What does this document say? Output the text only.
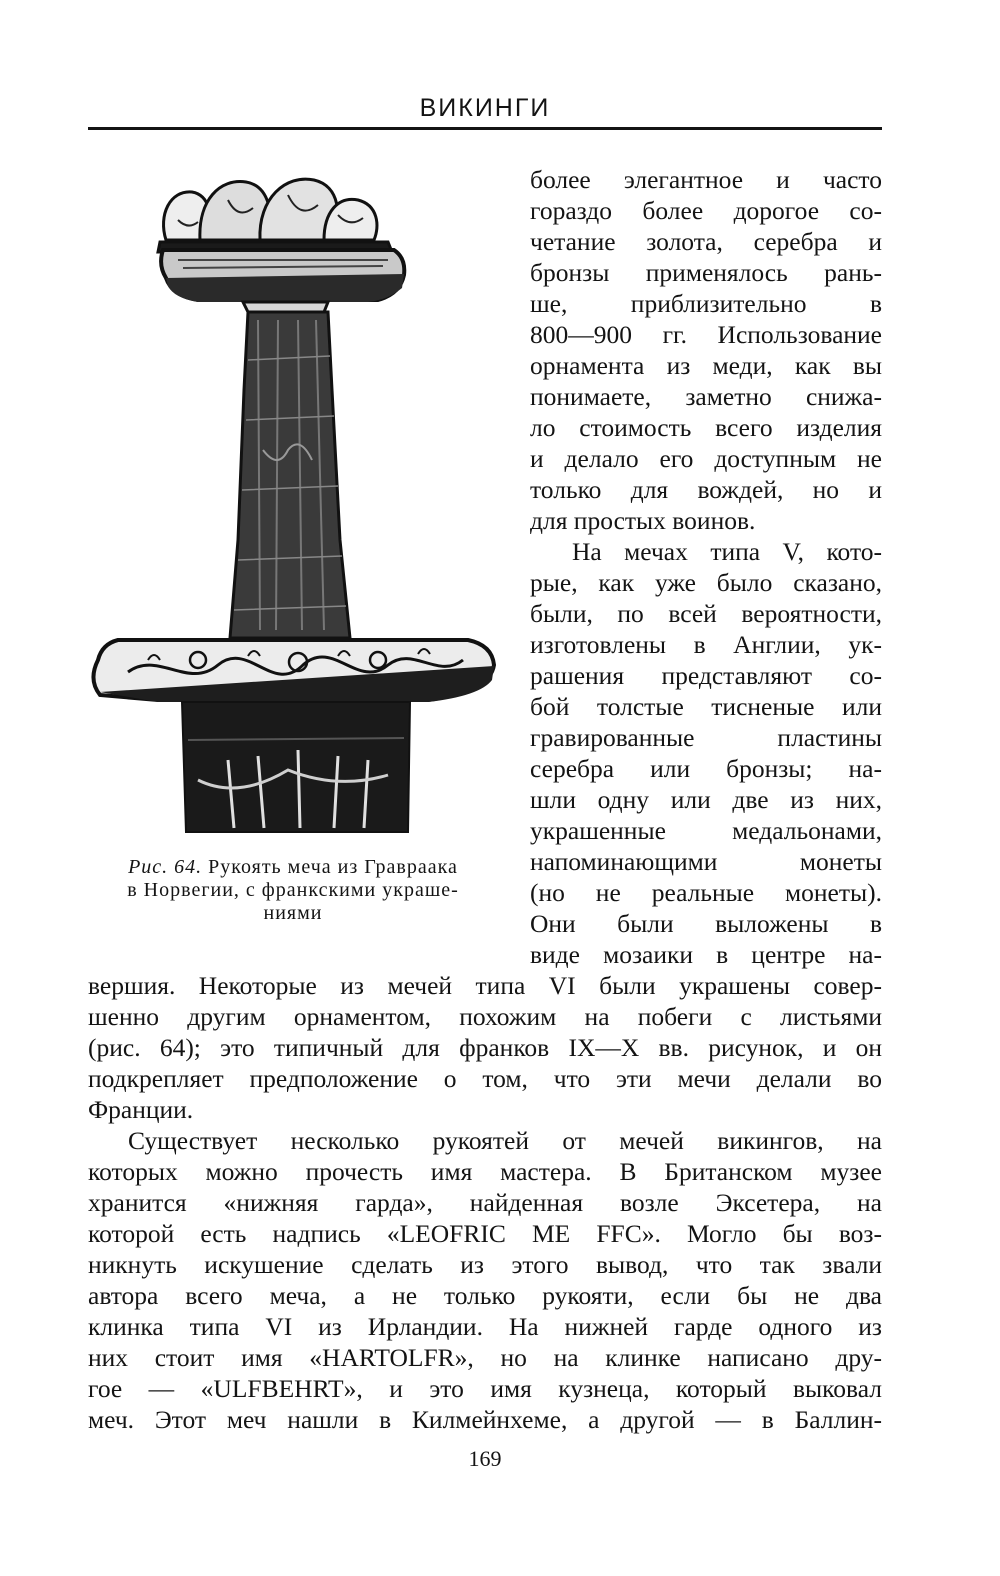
ВИКИНГИ
Рис. 64. Рукоять меча из Гравраака
в Норвегии, с франкскими украше-
ниями
более элегантное и часто
гораздо более дорогое со-
четание золота, серебра и
бронзы применялось рань-
ше, приблизительно в
800—900 гг. Использование
орнамента из меди, как вы
понимаете, заметно снижа-
ло стоимость всего изделия
и делало его доступным не
только для вождей, но и
для простых воинов.
На мечах типа V, кото-
рые, как уже было сказано,
были, по всей вероятности,
изготовлены в Англии, ук-
рашения представляют со-
бой толстые тисненые или
гравированные пластины
серебра или бронзы; на-
шли одну или две из них,
украшенные медальонами,
напоминающими монеты
(но не реальные монеты).
Они были выложены в
виде мозаики в центре на-
вершия. Некоторые из мечей типа VI были украшены совер-
шенно другим орнаментом, похожим на побеги с листьями
(рис. 64); это типичный для франков IX—X вв. рисунок, и он
подкрепляет предположение о том, что эти мечи делали во
Франции.
Существует несколько рукоятей от мечей викингов, на
которых можно прочесть имя мастера. В Британском музее
хранится «нижняя гарда», найденная возле Эксетера, на
которой есть надпись «LEOFRIC ME FFC». Могло бы воз-
никнуть искушение сделать из этого вывод, что так звали
автора всего меча, а не только рукояти, если бы не два
клинка типа VI из Ирландии. На нижней гарде одного из
них стоит имя «HARTOLFR», но на клинке написано дру-
гое — «ULFBEHRT», и это имя кузнеца, который выковал
меч. Этот меч нашли в Килмейнхеме, а другой — в Баллин-
169
